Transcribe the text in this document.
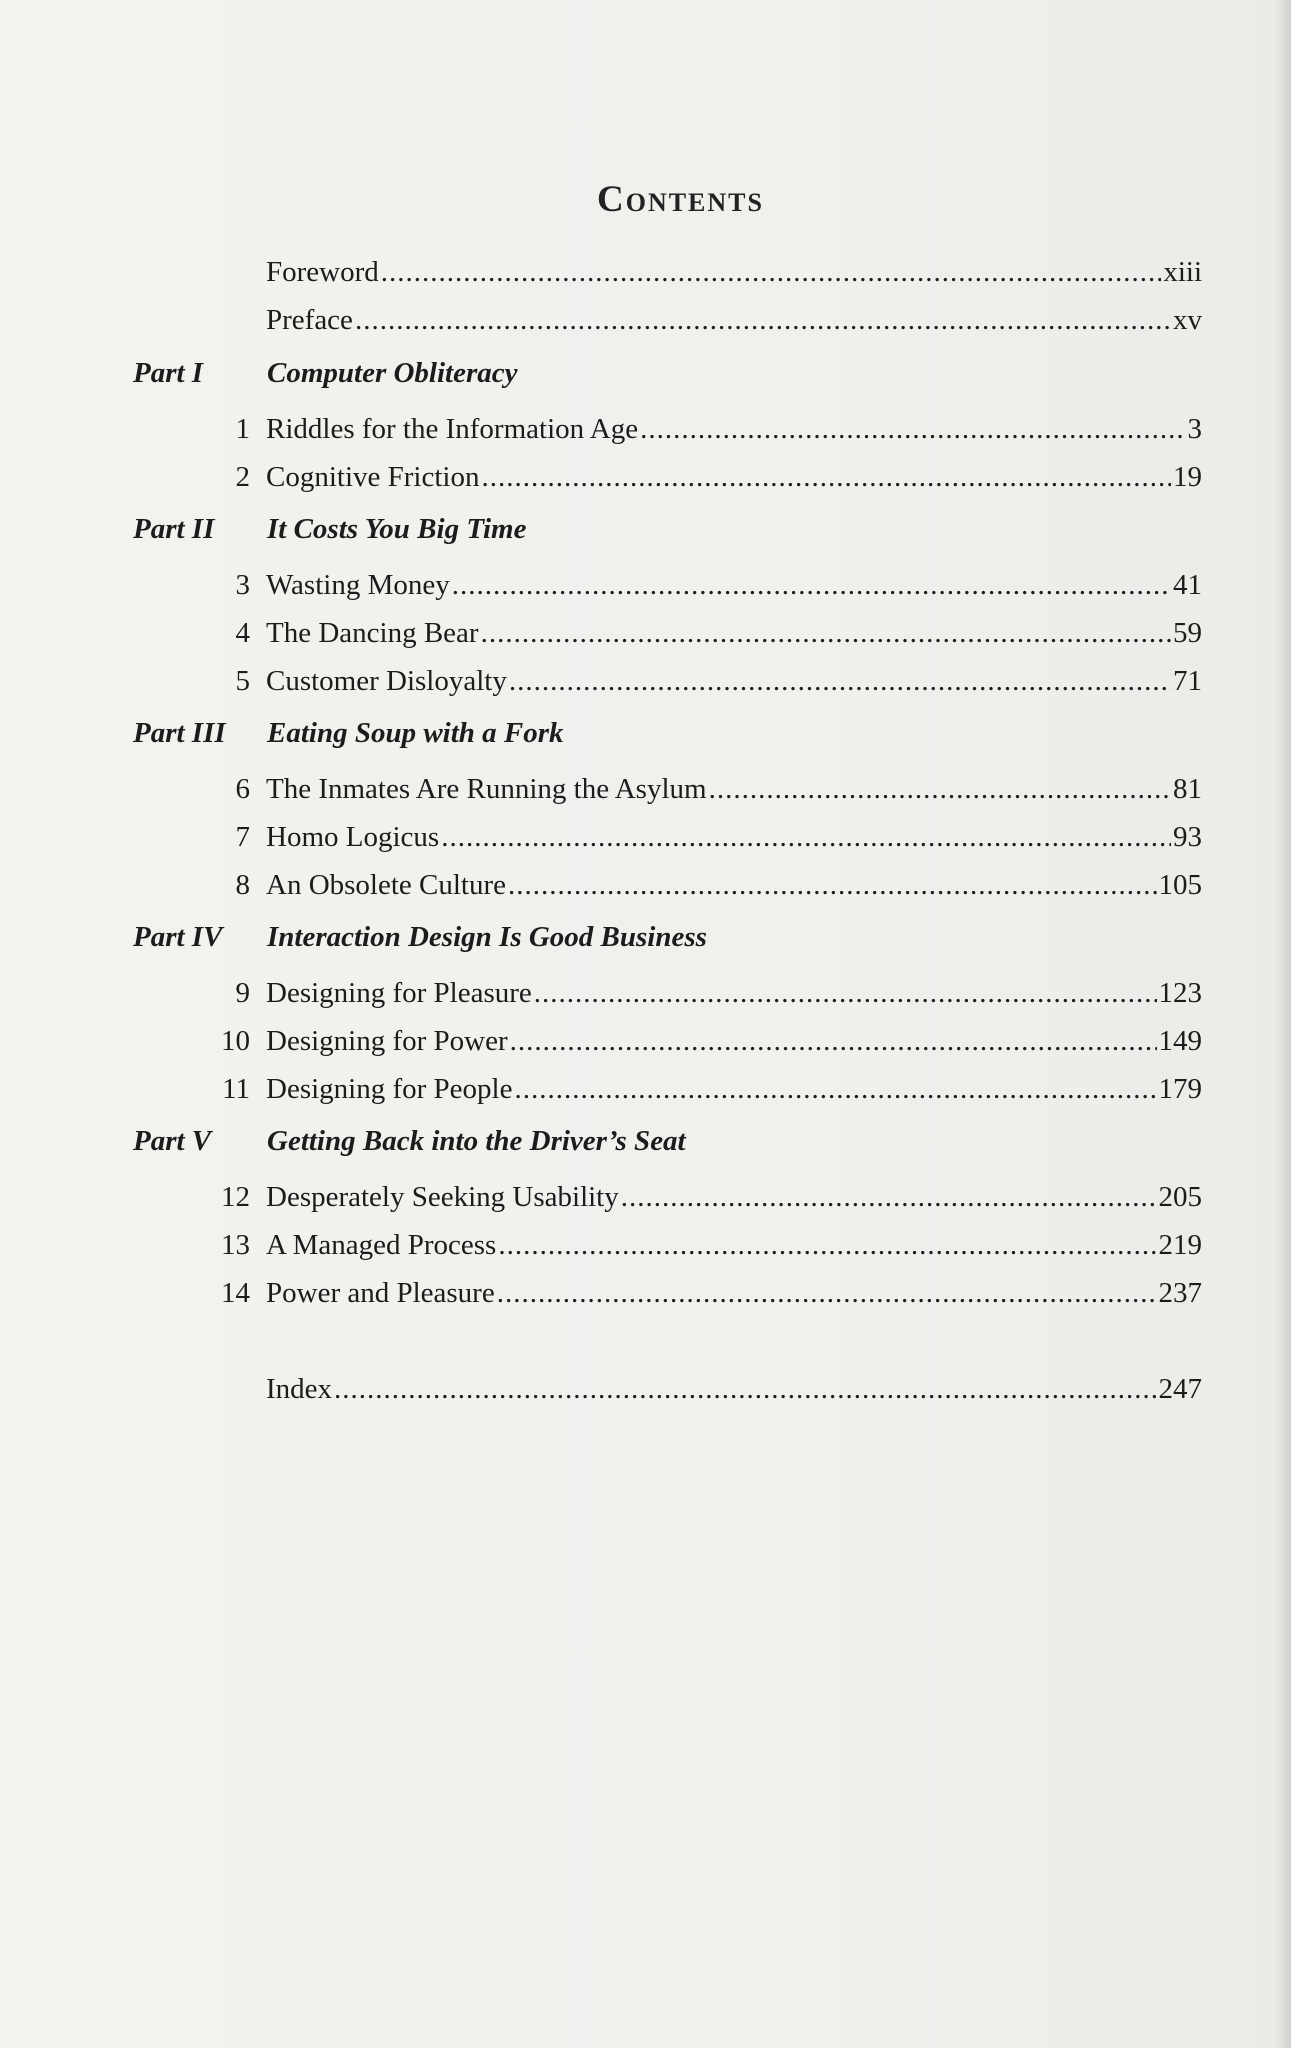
Contents
Foreword .....	xiii
Preface .....	xv
Part I Computer Obliteracy
1 Riddles for the Information Age .....	3
2 Cognitive Friction .....	19
Part II It Costs You Big Time
3 Wasting Money .....	41
4 The Dancing Bear .....	59
5 Customer Disloyalty .....	71
Part III Eating Soup with a Fork
6 The Inmates Are Running the Asylum .....	81
7 Homo Logicus .....	93
8 An Obsolete Culture .....	105
Part IV Interaction Design Is Good Business
9 Designing for Pleasure .....	123
10 Designing for Power .....	149
11 Designing for People .....	179
Part V Getting Back into the Driver’s Seat
12 Desperately Seeking Usability .....	205
13 A Managed Process .....	219
14 Power and Pleasure .....	237
Index .....	247
